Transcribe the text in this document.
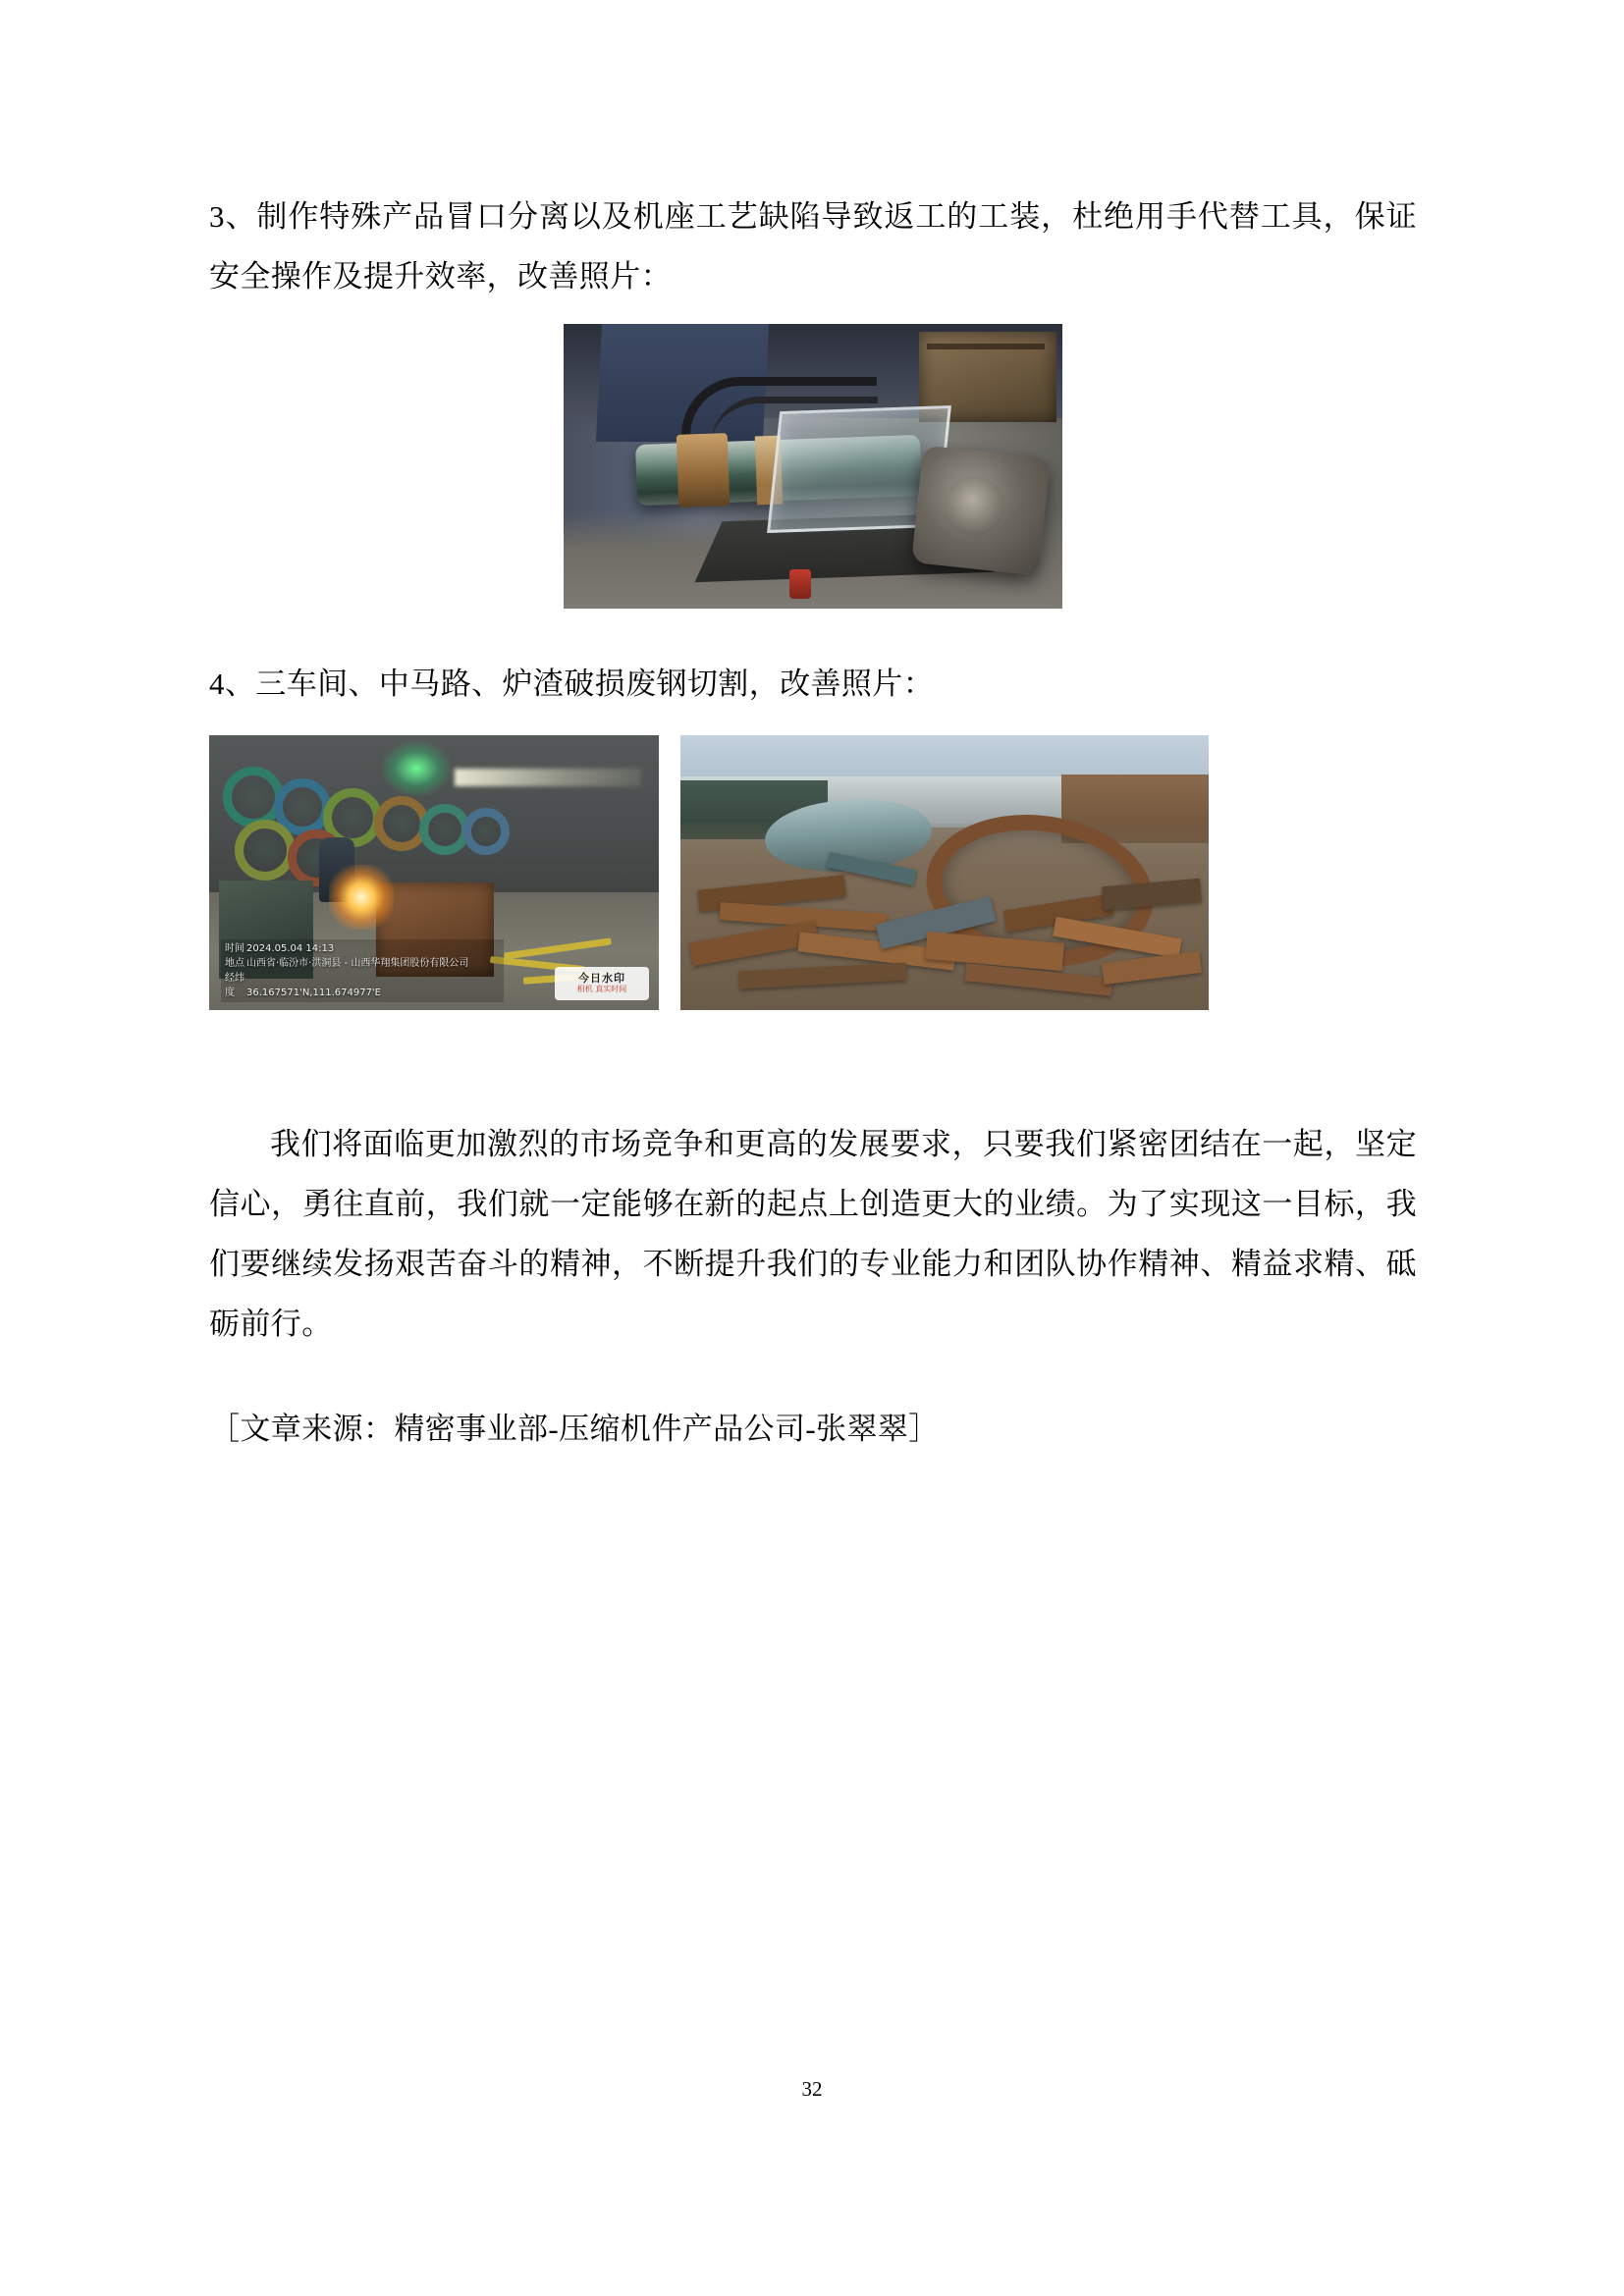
3、制作特殊产品冒口分离以及机座工艺缺陷导致返工的工装，杜绝用手代替工具，保证安全操作及提升效率，改善照片：

4、三车间、中马路、炉渣破损废钢切割，改善照片：

时间 2024.05.04 14:13
地点 山西省·临汾市·洪洞县 - 山西华翔集团股份有限公司
经纬度 36.167571'N,111.674977'E
今日水印
相机 真实时间

我们将面临更加激烈的市场竞争和更高的发展要求，只要我们紧密团结在一起，坚定信心，勇往直前，我们就一定能够在新的起点上创造更大的业绩。为了实现这一目标，我们要继续发扬艰苦奋斗的精神，不断提升我们的专业能力和团队协作精神、精益求精、砥砺前行。

［文章来源：精密事业部-压缩机件产品公司-张翠翠］

32
